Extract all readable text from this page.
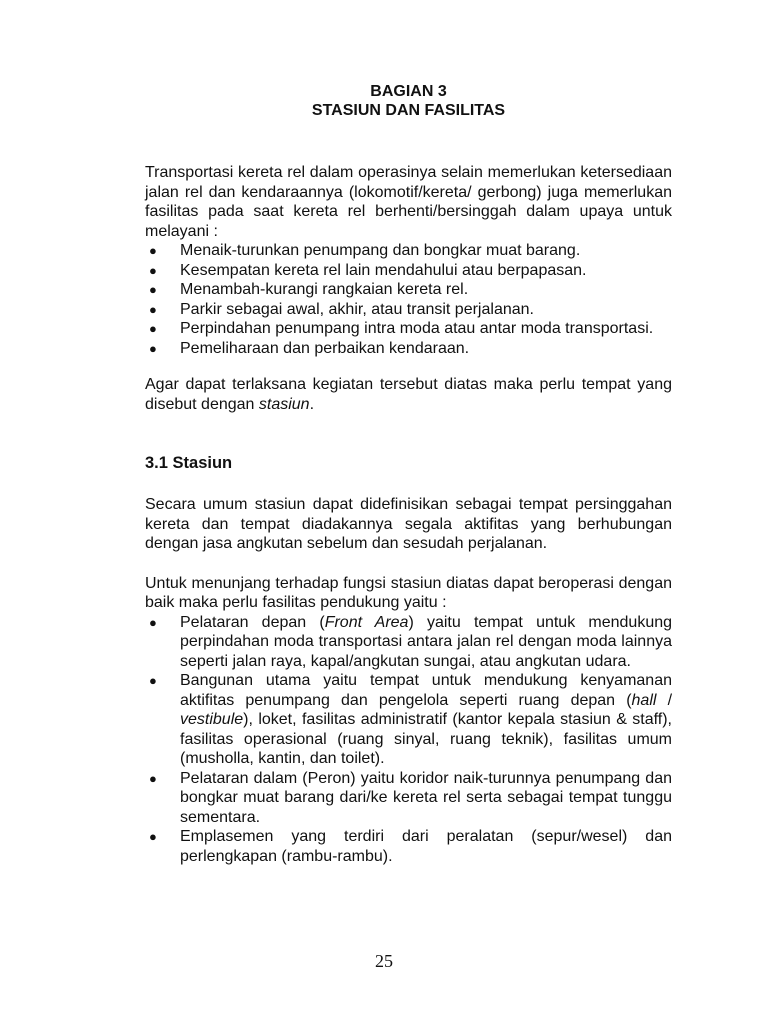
BAGIAN 3
STASIUN DAN FASILITAS

Transportasi kereta rel dalam operasinya selain memerlukan ketersediaan jalan rel dan kendaraannya (lokomotif/kereta/ gerbong) juga memerlukan fasilitas pada saat kereta rel berhenti/bersinggah dalam upaya untuk melayani :

● Menaik-turunkan penumpang dan bongkar muat barang.
● Kesempatan kereta rel lain mendahului atau berpapasan.
● Menambah-kurangi rangkaian kereta rel.
● Parkir sebagai awal, akhir, atau transit perjalanan.
● Perpindahan penumpang intra moda atau antar moda transportasi.
● Pemeliharaan dan perbaikan kendaraan.

Agar dapat terlaksana kegiatan tersebut diatas maka perlu tempat yang disebut dengan stasiun.

3.1 Stasiun

Secara umum stasiun dapat didefinisikan sebagai tempat persinggahan kereta dan tempat diadakannya segala aktifitas yang berhubungan dengan jasa angkutan sebelum dan sesudah perjalanan.

Untuk menunjang terhadap fungsi stasiun diatas dapat beroperasi dengan baik maka perlu fasilitas pendukung yaitu :

● Pelataran depan (Front Area) yaitu tempat untuk mendukung perpindahan moda transportasi antara jalan rel dengan moda lainnya seperti jalan raya, kapal/angkutan sungai, atau angkutan udara.
● Bangunan utama yaitu tempat untuk mendukung kenyamanan aktifitas penumpang dan pengelola seperti ruang depan (hall / vestibule), loket, fasilitas administratif (kantor kepala stasiun & staff), fasilitas operasional (ruang sinyal, ruang teknik), fasilitas umum (musholla, kantin, dan toilet).
● Pelataran dalam (Peron) yaitu koridor naik-turunnya penumpang dan bongkar muat barang dari/ke kereta rel serta sebagai tempat tunggu sementara.
● Emplasemen yang terdiri dari peralatan (sepur/wesel) dan perlengkapan (rambu-rambu).
25
